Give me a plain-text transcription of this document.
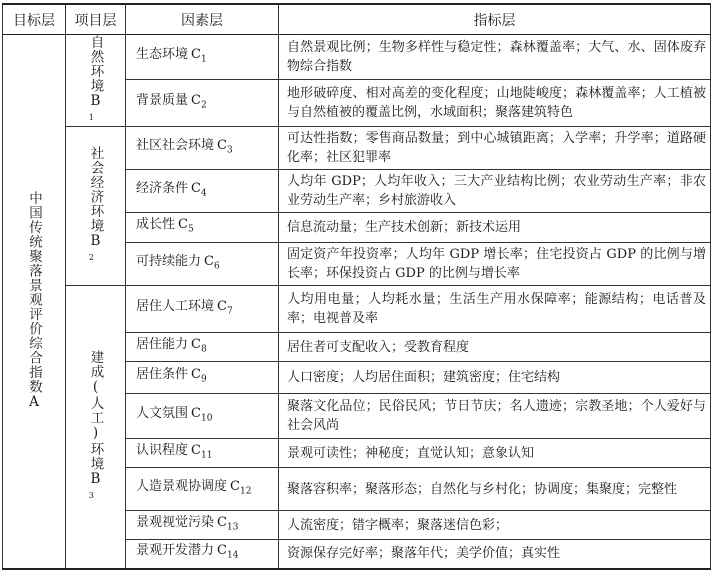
目标层	项目层	因素层	指标层

中国传统聚落景观评价综合指数A	自然环境$B_1$	生态环境 $C_1$	自然景观比例；生物多样性与稳定性；森林覆盖率；大气、水、固体废弃物综合指数
		背景质量 $C_2$	地形破碎度、相对高差的变化程度；山地陡峻度；森林覆盖率；人工植被与自然植被的覆盖比例，水域面积；聚落建筑特色

	社会经济环境$B_2$	社区社会环境 $C_3$	可达性指数；零售商品数量；到中心城镇距离；入学率；升学率；道路硬化率；社区犯罪率
		经济条件 $C_4$	人均年 GDP；人均年收入；三大产业结构比例；农业劳动生产率；非农业劳动生产率；乡村旅游收入
		成长性 $C_5$	信息流动量；生产技术创新；新技术运用
		可持续能力 $C_6$	固定资产年投资率；人均年 GDP 增长率；住宅投资占 GDP 的比例与增长率；环保投资占 GDP 的比例与增长率

	建成(人工)环境$B_3$	居住人工环境 $C_7$	人均用电量；人均耗水量；生活生产用水保障率；能源结构；电话普及率；电视普及率
		居住能力 $C_8$	居住者可支配收入；受教育程度
		居住条件 $C_9$	人口密度；人均居住面积；建筑密度；住宅结构
		人文氛围 $C_{10}$	聚落文化品位；民俗民风；节日节庆；名人遗迹；宗教圣地；个人爱好与社会风尚
		认识程度 $C_{11}$	景观可读性；神秘度；直觉认知；意象认知
		人造景观协调度 $C_{12}$	聚落容积率；聚落形态；自然化与乡村化；协调度；集聚度；完整性
		景观视觉污染 $C_{13}$	人流密度；错字概率；聚落迷信色彩；
		景观开发潜力 $C_{14}$	资源保存完好率；聚落年代；美学价值；真实性
